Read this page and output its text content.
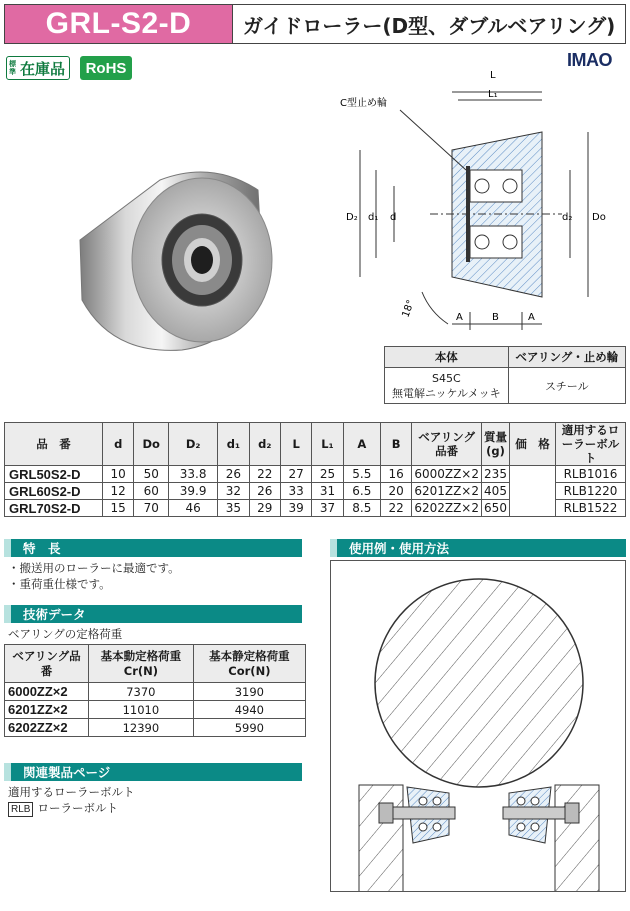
GRL-S2-D	ガイドローラー(D型、ダブルベアリング)
標準 在庫品	RoHS	IMAO
L
L₁
C型止め輪
D₂ d₁ d	d₂ Do
A	B	A
18°
本体	ベアリング・止め輪

S45C
無電解ニッケルメッキ	スチール
品　番	d	Do	D₂	d₁	d₂	L	L₁	A	B	ベアリング品番	質量(g)	価　格	適用するローラーボルト
GRL50S2-D	10	50	33.8	26	22	27	25	5.5	16	6000ZZ×2	235		RLB1016
GRL60S2-D	12	60	39.9	32	26	33	31	6.5	20	6201ZZ×2	405		RLB1220
GRL70S2-D	15	70	46	35	29	39	37	8.5	22	6202ZZ×2	650		RLB1522
特　長
・搬送用のローラーに最適です。
・重荷重仕様です。
技術データ
ベアリングの定格荷重
ベアリング品番	基本動定格荷重Cr(N)	基本静定格荷重Cor(N)
6000ZZ×2	7370	3190
6201ZZ×2	11010	4940
6202ZZ×2	12390	5990
関連製品ページ
適用するローラーボルト
RLB ローラーボルト
使用例・使用方法
